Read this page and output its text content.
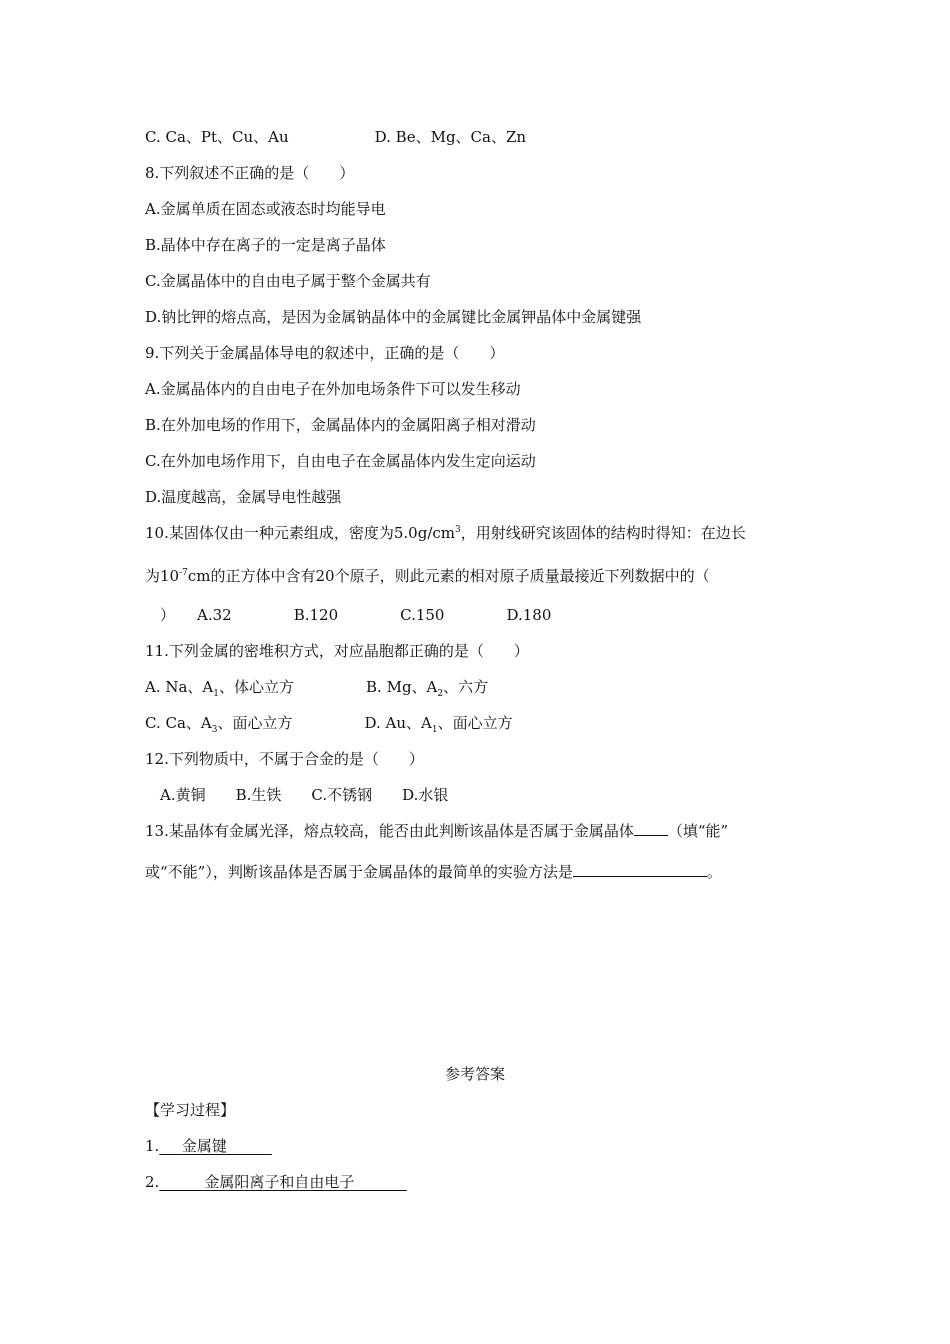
C. Ca、Pt、Cu、Au	D. Be、Mg、Ca、Zn
8.下列叙述不正确的是（　　）
A.金属单质在固态或液态时均能导电
B.晶体中存在离子的一定是离子晶体
C.金属晶体中的自由电子属于整个金属共有
D.钠比钾的熔点高，是因为金属钠晶体中的金属键比金属钾晶体中金属键强
9.下列关于金属晶体导电的叙述中，正确的是（　　）
A.金属晶体内的自由电子在外加电场条件下可以发生移动
B.在外加电场的作用下，金属晶体内的金属阳离子相对滑动
C.在外加电场作用下，自由电子在金属晶体内发生定向运动
D.温度越高，金属导电性越强
10.某固体仅由一种元素组成，密度为$5.0g/cm^3$，用射线研究该固体的结构时得知：在边长
为$10^{-7}cm$的正方体中含有20个原子，则此元素的相对原子质量最接近下列数据中的（
　） A.32	B.120	C.150	D.180
11.下列金属的密堆积方式，对应晶胞都正确的是（　　）
A. Na、$A_1$、体心立方	B. Mg、$A_2$、六方
C. Ca、$A_3$、面心立方	D. Au、$A_1$、面心立方
12.下列物质中，不属于合金的是（　　）
A.黄铜 B.生铁 C.不锈钢 D.水银
13.某晶体有金属光泽，熔点较高，能否由此判断该晶体是否属于金属晶体 （填“能”
或“不能”），判断该晶体是否属于金属晶体的最简单的实验方法是	。
参考答案
【学习过程】
1.   金属键   
2.   	金属阳离子和自由电子    
